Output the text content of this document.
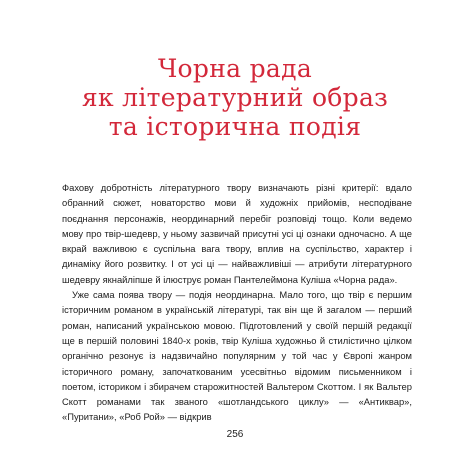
Чорна рада
як літературний образ
та історична подія

Фахову добротність літературного твору визначають різні критерії: вдало обранний сюжет, новаторство мови й художніх прийомів, несподіване поєднання персонажів, неординарний перебіг розповіді тощо. Коли ведемо мову про твір-шедевр, у ньому зазвичай присутні усі ці ознаки одночасно. А ще вкрай важливою є суспільна вага твору, вплив на суспільство, характер і динаміку його розвитку. І от усі ці — найважливіші — атрибути літературного шедевру якнайліпше й ілюструє роман Пантелеймона Куліша «Чорна рада».

Уже сама поява твору — подія неординарна. Мало того, що твір є першим історичним романом в українській літературі, так він ще й загалом — перший роман, написаний українською мовою. Підготовлений у своїй першій редакції ще в першій половині 1840-х років, твір Куліша художньо й стилістично цілком органічно резонує із надзвичайно популярним у той час у Європі жанром історичного роману, започаткованим усесвітньо відомим письменником і поетом, істориком і збирачем старожитностей Вальтером Скоттом. І як Вальтер Скотт романами так званого «шотландського циклу» — «Антиквар», «Пуритани», «Роб Рой» — відкрив

256
